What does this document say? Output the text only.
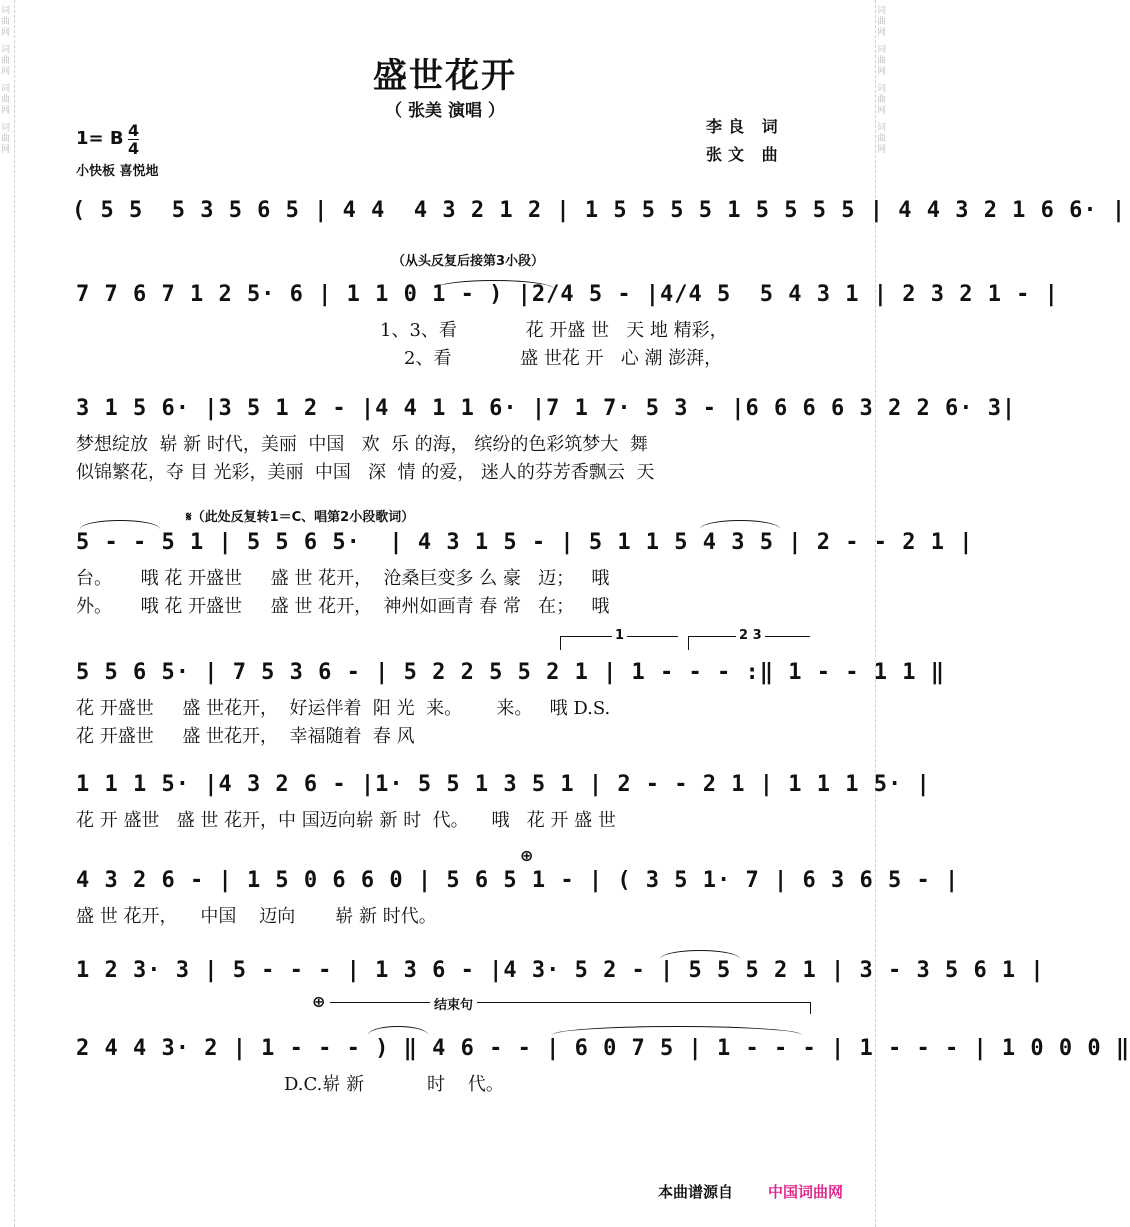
词曲网
词曲网
词曲网
词曲网
词曲网
词曲网
词曲网
词曲网
盛世花开
（ 张美 演唱 ）
李良 词
张文 曲
1= B 4
4
小快板 喜悦地
( 5 5  5 3 5 6 5 | 4 4  4 3 2 1 2 | 1 5 5 5 5 1 5 5 5 5 | 4 4 3 2 1 6 6· |
（从头反复后接第3小段）
7 7 6 7 1 2 5· 6 | 1 1 0 1 - ) |2/4 5 - |4/4 5  5 4 3 1 | 2 3 2 1 - |
1、3、看            花 开盛 世   天 地 精彩，
2、看            盛 世花 开   心 潮 澎湃，
3 1 5 6· |3 5 1 2 - |4 4 1 1 6· |7 1 7· 5 3 - |6 6 6 6 3 2 2 6· 3|
梦想绽放  崭 新 时代，美丽  中国   欢  乐 的海， 缤纷的色彩筑梦大  舞
似锦繁花，夺 目 光彩，美丽  中国   深  情 的爱， 迷人的芬芳香飘云  天
𝄋（此处反复转1＝C、唱第2小段歌词）
5 - - 5 1 | 5 5 6 5·  | 4 3 1 5 - | 5 1 1 5 4 3 5 | 2 - - 2 1 |
台。     哦 花 开盛世     盛 世 花开，  沧桑巨变多 么 豪   迈；   哦
外。     哦 花 开盛世     盛 世 花开，  神州如画青 春 常   在；   哦
1	2 3
5 5 6 5· | 7 5 3 6 - | 5 2 2 5 5 2 1 | 1 - - - :‖ 1 - - 1 1 ‖
花 开盛世     盛 世花开，  好运伴着  阳 光  来。      来。   哦 D.S.
花 开盛世     盛 世花开，  幸福随着  春 风
1 1 1 5· |4 3 2 6 - |1· 5 5 1 3 5 1 | 2 - - 2 1 | 1 1 1 5· |
花 开 盛世   盛 世 花开，中 国迈向崭 新 时  代。    哦   花 开 盛 世
⊕
4 3 2 6 - | 1 5 0 6 6 0 | 5 6 5 1 - | ( 3 5 1· 7 | 6 3 6 5 - |
盛 世 花开，    中国    迈向       崭 新 时代。
1 2 3· 3 | 5 - - - | 1 3 6 - |4 3· 5 2 - | 5 5 5 2 1 | 3 - 3 5 6 1 |
⊕	结束句
2 4 4 3· 2 | 1 - - - ) ‖ 4 6 - - | 6 0 7 5 | 1 - - - | 1 - - - | 1 0 0 0 ‖
D.C.崭 新           时    代。
本曲谱源自 中国词曲网
